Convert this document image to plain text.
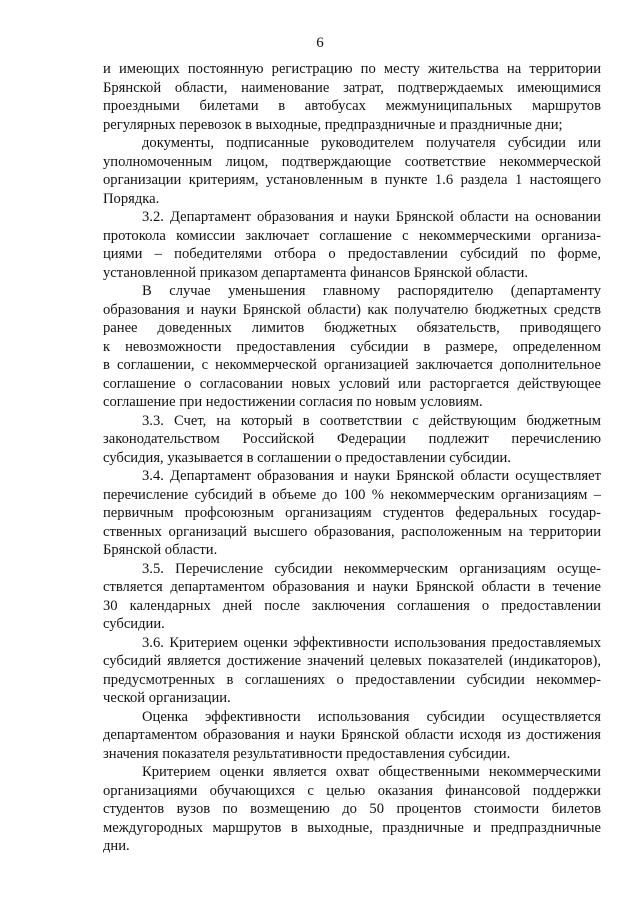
6
и имеющих постоянную регистрацию по месту жительства на территории
Брянской области, наименование затрат, подтверждаемых имеющимися
проездными билетами в автобусах межмуниципальных маршрутов
регулярных перевозок в выходные, предпраздничные и праздничные дни;
документы, подписанные руководителем получателя субсидии или
уполномоченным лицом, подтверждающие соответствие некоммерческой
организации критериям, установленным в пункте 1.6 раздела 1 настоящего
Порядка.
3.2. Департамент образования и науки Брянской области на основании
протокола комиссии заключает соглашение с некоммерческими организа-
циями – победителями отбора о предоставлении субсидий по форме,
установленной приказом департамента финансов Брянской области.
В случае уменьшения главному распорядителю (департаменту
образования и науки Брянской области) как получателю бюджетных средств
ранее доведенных лимитов бюджетных обязательств, приводящего
к невозможности предоставления субсидии в размере, определенном
в соглашении, с некоммерческой организацией заключается дополнительное
соглашение о согласовании новых условий или расторгается действующее
соглашение при недостижении согласия по новым условиям.
3.3. Счет, на который в соответствии с действующим бюджетным
законодательством Российской Федерации подлежит перечислению
субсидия, указывается в соглашении о предоставлении субсидии.
3.4. Департамент образования и науки Брянской области осуществляет
перечисление субсидий в объеме до 100 % некоммерческим организациям –
первичным профсоюзным организациям студентов федеральных государ-
ственных организаций высшего образования, расположенным на территории
Брянской области.
3.5. Перечисление субсидии некоммерческим организациям осуще-
ствляется департаментом образования и науки Брянской области в течение
30 календарных дней после заключения соглашения о предоставлении
субсидии.
3.6. Критерием оценки эффективности использования предоставляемых
субсидий является достижение значений целевых показателей (индикаторов),
предусмотренных в соглашениях о предоставлении субсидии некоммер-
ческой организации.
Оценка эффективности использования субсидии осуществляется
департаментом образования и науки Брянской области исходя из достижения
значения показателя результативности предоставления субсидии.
Критерием оценки является охват общественными некоммерческими
организациями обучающихся с целью оказания финансовой поддержки
студентов вузов по возмещению до 50 процентов стоимости билетов
междугородных маршрутов в выходные, праздничные и предпраздничные
дни.
